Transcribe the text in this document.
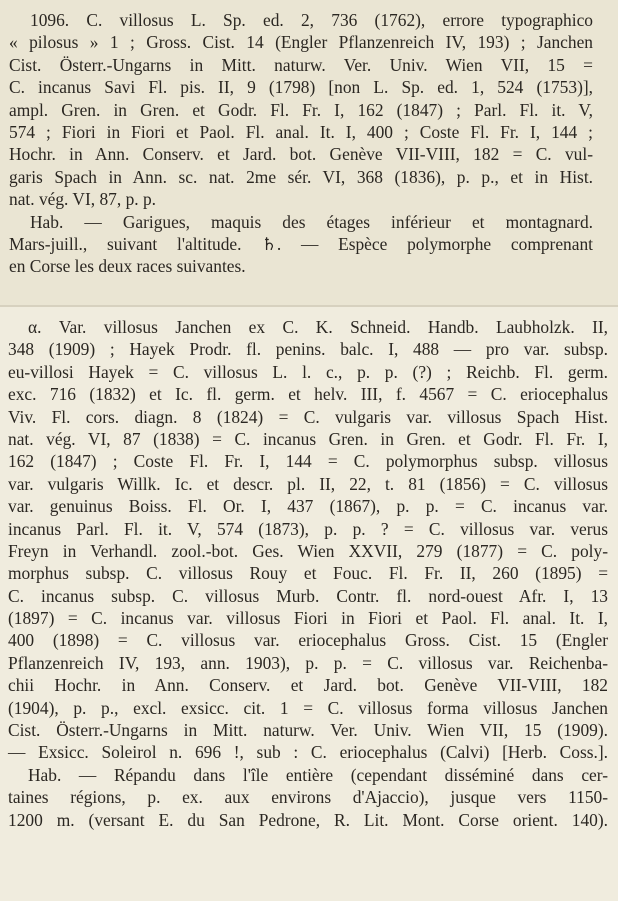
1096. C. villosus L. Sp. ed. 2, 736 (1762), errore typographico
« pilosus » 1 ; Gross. Cist. 14 (Engler Pflanzenreich IV, 193) ; Janchen
Cist. Österr.-Ungarns in Mitt. naturw. Ver. Univ. Wien VII, 15 =
C. incanus Savi Fl. pis. II, 9 (1798) [non L. Sp. ed. 1, 524 (1753)],
ampl. Gren. in Gren. et Godr. Fl. Fr. I, 162 (1847) ; Parl. Fl. it. V,
574 ; Fiori in Fiori et Paol. Fl. anal. It. I, 400 ; Coste Fl. Fr. I, 144 ;
Hochr. in Ann. Conserv. et Jard. bot. Genève VII-VIII, 182 = C. vul-
garis Spach in Ann. sc. nat. 2me sér. VI, 368 (1836), p. p., et in Hist.
nat. vég. VI, 87, p. p.
Hab. — Garigues, maquis des étages inférieur et montagnard.
Mars-juill., suivant l'altitude. ♄. — Espèce polymorphe comprenant
en Corse les deux races suivantes.
α. Var. villosus Janchen ex C. K. Schneid. Handb. Laubholzk. II,
348 (1909) ; Hayek Prodr. fl. penins. balc. I, 488 — pro var. subsp.
eu-villosi Hayek = C. villosus L. l. c., p. p. (?) ; Reichb. Fl. germ.
exc. 716 (1832) et Ic. fl. germ. et helv. III, f. 4567 = C. eriocephalus
Viv. Fl. cors. diagn. 8 (1824) = C. vulgaris var. villosus Spach Hist.
nat. vég. VI, 87 (1838) = C. incanus Gren. in Gren. et Godr. Fl. Fr. I,
162 (1847) ; Coste Fl. Fr. I, 144 = C. polymorphus subsp. villosus
var. vulgaris Willk. Ic. et descr. pl. II, 22, t. 81 (1856) = C. villosus
var. genuinus Boiss. Fl. Or. I, 437 (1867), p. p. = C. incanus var.
incanus Parl. Fl. it. V, 574 (1873), p. p. ? = C. villosus var. verus
Freyn in Verhandl. zool.-bot. Ges. Wien XXVII, 279 (1877) = C. poly-
morphus subsp. C. villosus Rouy et Fouc. Fl. Fr. II, 260 (1895) =
C. incanus subsp. C. villosus Murb. Contr. fl. nord-ouest Afr. I, 13
(1897) = C. incanus var. villosus Fiori in Fiori et Paol. Fl. anal. It. I,
400 (1898) = C. villosus var. eriocephalus Gross. Cist. 15 (Engler
Pflanzenreich IV, 193, ann. 1903), p. p. = C. villosus var. Reichenba-
chii Hochr. in Ann. Conserv. et Jard. bot. Genève VII-VIII, 182
(1904), p. p., excl. exsicc. cit. 1 = C. villosus forma villosus Janchen
Cist. Österr.-Ungarns in Mitt. naturw. Ver. Univ. Wien VII, 15 (1909).
— Exsicc. Soleirol n. 696 !, sub : C. eriocephalus (Calvi) [Herb. Coss.].
Hab. — Répandu dans l'île entière (cependant disséminé dans cer-
taines régions, p. ex. aux environs d'Ajaccio), jusque vers 1150-
1200 m. (versant E. du San Pedrone, R. Lit. Mont. Corse orient. 140).
